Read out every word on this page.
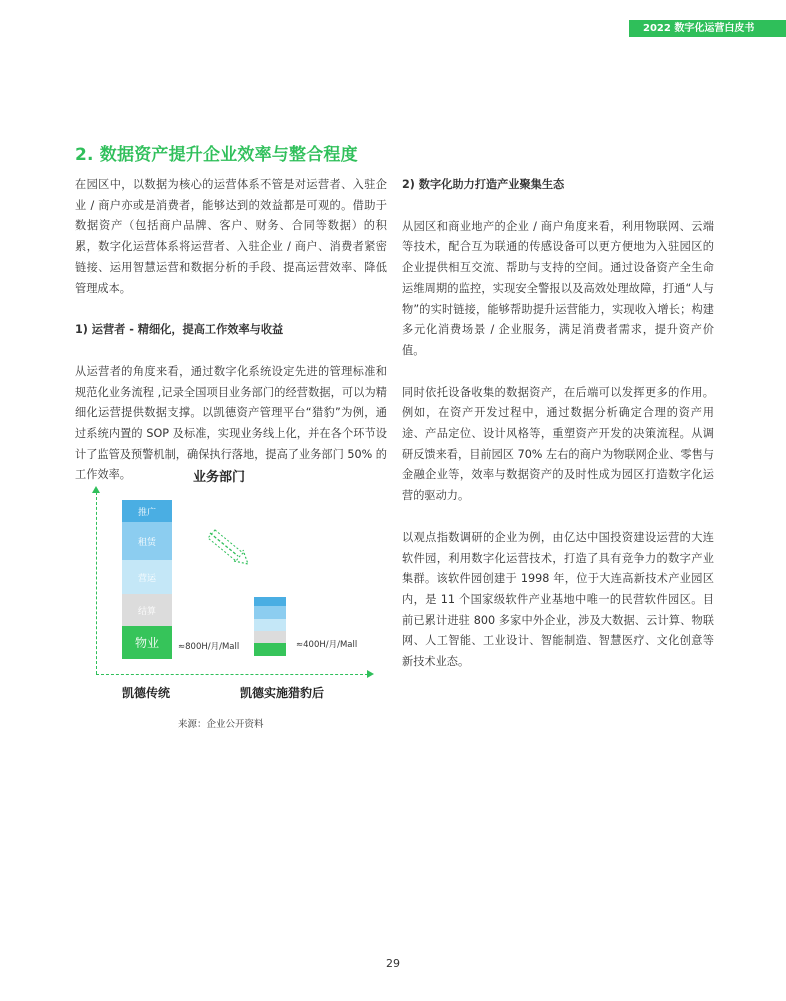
2022 数字化运营白皮书
2. 数据资产提升企业效率与整合程度

在园区中，以数据为核心的运营体系不管是对运营者、入驻企业 / 商户亦或是消费者，能够达到的效益都是可观的。借助于数据资产（包括商户品牌、客户、财务、合同等数据）的积累，数字化运营体系将运营者、入驻企业 / 商户、消费者紧密链接、运用智慧运营和数据分析的手段、提高运营效率、降低管理成本。

1) 运营者 - 精细化，提高工作效率与收益

从运营者的角度来看，通过数字化系统设定先进的管理标准和规范化业务流程 ,记录全国项目业务部门的经营数据，可以为精细化运营提供数据支撑。以凯德资产管理平台“猎豹”为例，通过系统内置的 SOP 及标准，实现业务线上化，并在各个环节设计了监管及预警机制，确保执行落地，提高了业务部门 50% 的工作效率。

2) 数字化助力打造产业聚集生态

从园区和商业地产的企业 / 商户角度来看，利用物联网、云端等技术，配合互为联通的传感设备可以更方便地为入驻园区的企业提供相互交流、帮助与支持的空间。通过设备资产全生命运维周期的监控，实现安全警报以及高效处理故障，打通“人与物”的实时链接，能够帮助提升运营能力，实现收入增长；构建多元化消费场景 / 企业服务，满足消费者需求，提升资产价值。

同时依托设备收集的数据资产，在后端可以发挥更多的作用。例如，在资产开发过程中，通过数据分析确定合理的资产用途、产品定位、设计风格等，重塑资产开发的决策流程。从调研反馈来看，目前园区 70% 左右的商户为物联网企业、零售与金融企业等，效率与数据资产的及时性成为园区打造数字化运营的驱动力。

以观点指数调研的企业为例，由亿达中国投资建设运营的大连软件园，利用数字化运营技术，打造了具有竞争力的数字产业集群。该软件园创建于 1998 年，位于大连高新技术产业园区内，是 11 个国家级软件产业基地中唯一的民营软件园区。目前已累计进驻 800 多家中外企业，涉及大数据、云计算、物联网、人工智能、工业设计、智能制造、智慧医疗、文化创意等新技术业态。

业务部门
推广
租赁
营运
结算
物业	≈800H/月/Mall	≈400H/月/Mall
凯德传统	凯德实施猎豹后
来源：企业公开资料
29
